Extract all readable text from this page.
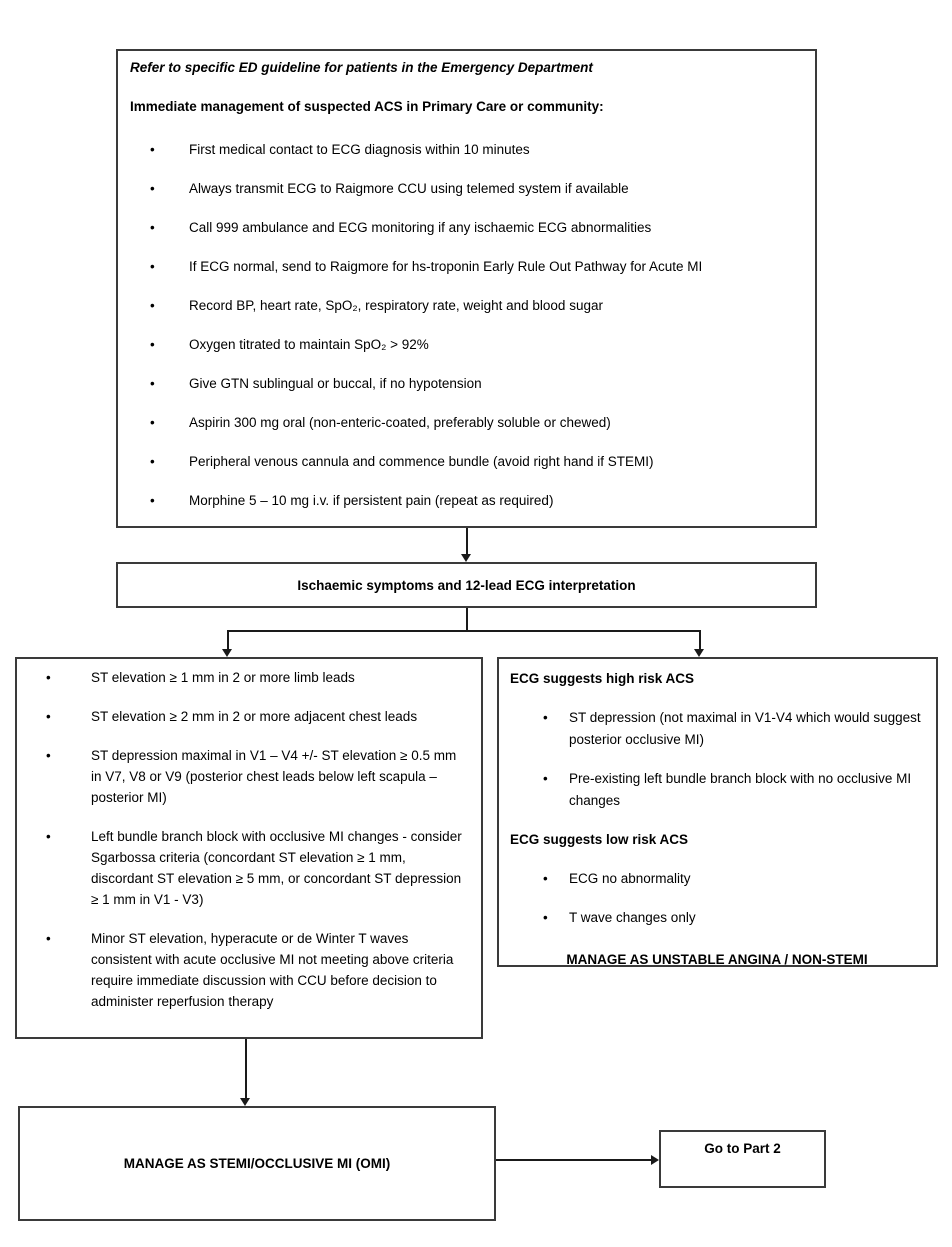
Refer to specific ED guideline for patients in the Emergency Department

Immediate management of suspected ACS in Primary Care or community:

• First medical contact to ECG diagnosis within 10 minutes
• Always transmit ECG to Raigmore CCU using telemed system if available
• Call 999 ambulance and ECG monitoring if any ischaemic ECG abnormalities
• If ECG normal, send to Raigmore for hs-troponin Early Rule Out Pathway for Acute MI
• Record BP, heart rate, SpO₂, respiratory rate, weight and blood sugar
• Oxygen titrated to maintain SpO₂ > 92%
• Give GTN sublingual or buccal, if no hypotension
• Aspirin 300 mg oral (non-enteric-coated, preferably soluble or chewed)
• Peripheral venous cannula and commence bundle (avoid right hand if STEMI)
• Morphine 5 – 10 mg i.v. if persistent pain (repeat as required)
Ischaemic symptoms and 12-lead ECG interpretation
• ST elevation ≥ 1 mm in 2 or more limb leads
• ST elevation ≥ 2 mm in 2 or more adjacent chest leads
• ST depression maximal in V1 – V4 +/- ST elevation ≥ 0.5 mm in V7, V8 or V9 (posterior chest leads below left scapula – posterior MI)
• Left bundle branch block with occlusive MI changes - consider Sgarbossa criteria (concordant ST elevation ≥ 1 mm, discordant ST elevation ≥ 5 mm, or concordant ST depression ≥ 1 mm in V1 - V3)
• Minor ST elevation, hyperacute or de Winter T waves consistent with acute occlusive MI not meeting above criteria require immediate discussion with CCU before decision to administer reperfusion therapy

ECG suggests high risk ACS

• ST depression (not maximal in V1-V4 which would suggest posterior occlusive MI)
• Pre-existing left bundle branch block with no occlusive MI changes

ECG suggests low risk ACS

• ECG no abnormality
• T wave changes only

MANAGE AS UNSTABLE ANGINA / NON-STEMI

MANAGE AS STEMI/OCCLUSIVE MI (OMI)
Go to Part 2
